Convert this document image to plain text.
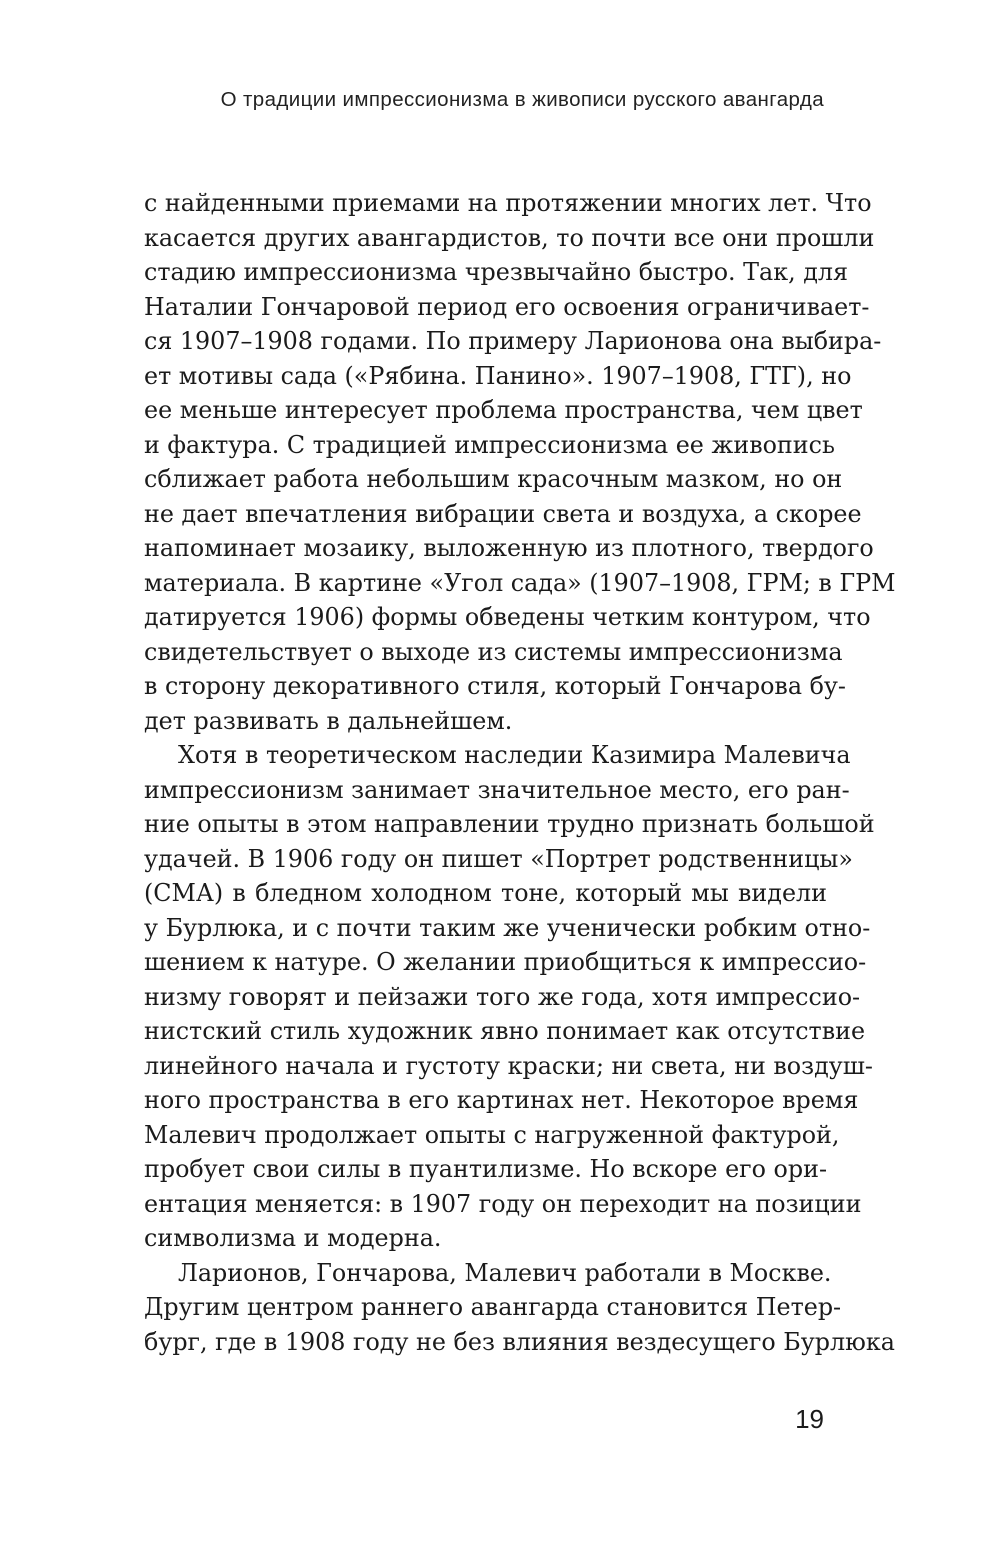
О традиции импрессионизма в живописи русского авангарда
с найденными приемами на протяжении многих лет. Что
касается других авангардистов, то почти все они прошли
стадию импрессионизма чрезвычайно быстро. Так, для
Наталии Гончаровой период его освоения ограничивает-
ся 1907–1908 годами. По примеру Ларионова она выбира-
ет мотивы сада («Рябина. Панино». 1907–1908, ГТГ), но
ее меньше интересует проблема пространства, чем цвет
и фактура. С традицией импрессионизма ее живопись
сближает работа небольшим красочным мазком, но он
не дает впечатления вибрации света и воздуха, а скорее
напоминает мозаику, выложенную из плотного, твердого
материала. В картине «Угол сада» (1907–1908, ГРМ; в ГРМ
датируется 1906) формы обведены четким контуром, что
свидетельствует о выходе из системы импрессионизма
в сторону декоративного стиля, который Гончарова бу-
дет развивать в дальнейшем.
Хотя в теоретическом наследии Казимира Малевича
импрессионизм занимает значительное место, его ран-
ние опыты в этом направлении трудно признать большой
удачей. В 1906 году он пишет «Портрет родственницы»
(СМА) в бледном холодном тоне, который мы видели
у Бурлюка, и с почти таким же ученически робким отно-
шением к натуре. О желании приобщиться к импрессио-
низму говорят и пейзажи того же года, хотя импрессио-
нистский стиль художник явно понимает как отсутствие
линейного начала и густоту краски; ни света, ни воздуш-
ного пространства в его картинах нет. Некоторое время
Малевич продолжает опыты с нагруженной фактурой,
пробует свои силы в пуантилизме. Но вскоре его ори-
ентация меняется: в 1907 году он переходит на позиции
символизма и модерна.
Ларионов, Гончарова, Малевич работали в Москве.
Другим центром раннего авангарда становится Петер-
бург, где в 1908 году не без влияния вездесущего Бурлюка
19
